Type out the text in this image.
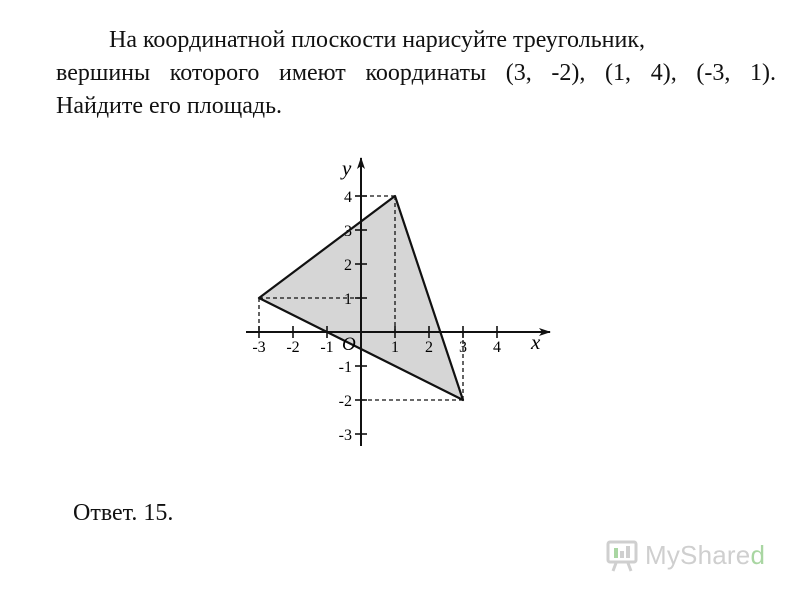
На координатной плоскости нарисуйте треугольник,
вершины которого имеют координаты (3, -2), (1, 4), (-3, 1).
Найдите его площадь.

-3 -2 -1	1 2 3 4
4
3
2
1
-1
-2
-3
x
y
O

Ответ. 15.

MyShared
